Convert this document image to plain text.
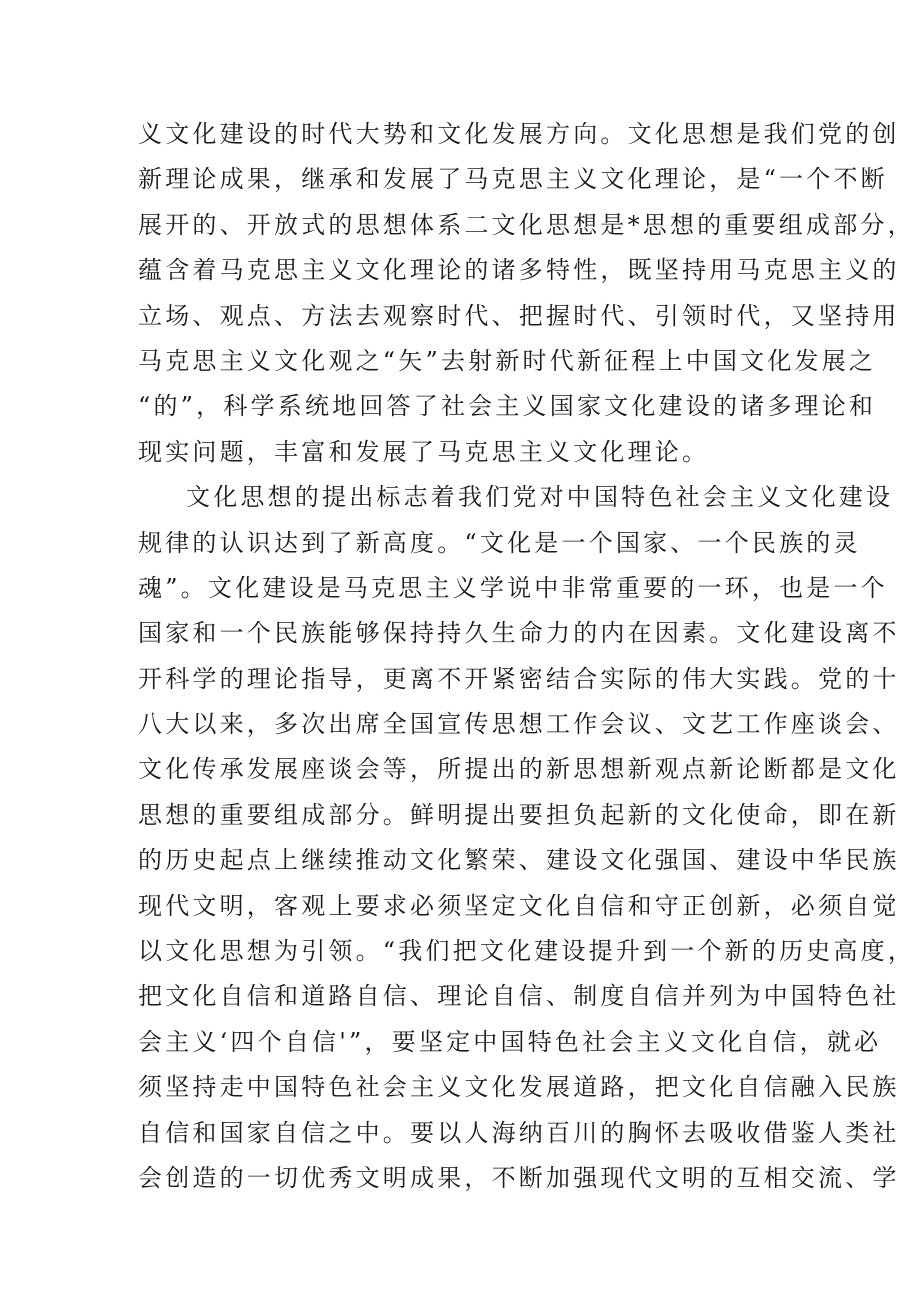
义文化建设的时代大势和文化发展方向。文化思想是我们党的创
新理论成果，继承和发展了马克思主义文化理论，是“一个不断
展开的、开放式的思想体系二文化思想是*思想的重要组成部分，
蕴含着马克思主义文化理论的诸多特性，既坚持用马克思主义的
立场、观点、方法去观察时代、把握时代、引领时代，又坚持用
马克思主义文化观之“矢”去射新时代新征程上中国文化发展之
“的”，科学系统地回答了社会主义国家文化建设的诸多理论和
现实问题，丰富和发展了马克思主义文化理论。
文化思想的提出标志着我们党对中国特色社会主义文化建设
规律的认识达到了新高度。“文化是一个国家、一个民族的灵
魂”。文化建设是马克思主义学说中非常重要的一环，也是一个
国家和一个民族能够保持持久生命力的内在因素。文化建设离不
开科学的理论指导，更离不开紧密结合实际的伟大实践。党的十
八大以来，多次出席全国宣传思想工作会议、文艺工作座谈会、
文化传承发展座谈会等，所提出的新思想新观点新论断都是文化
思想的重要组成部分。鲜明提出要担负起新的文化使命，即在新
的历史起点上继续推动文化繁荣、建设文化强国、建设中华民族
现代文明，客观上要求必须坚定文化自信和守正创新，必须自觉
以文化思想为引领。“我们把文化建设提升到一个新的历史高度，
把文化自信和道路自信、理论自信、制度自信并列为中国特色社
会主义‘四个自信'”，要坚定中国特色社会主义文化自信，就必
须坚持走中国特色社会主义文化发展道路，把文化自信融入民族
自信和国家自信之中。要以人海纳百川的胸怀去吸收借鉴人类社
会创造的一切优秀文明成果，不断加强现代文明的互相交流、学
